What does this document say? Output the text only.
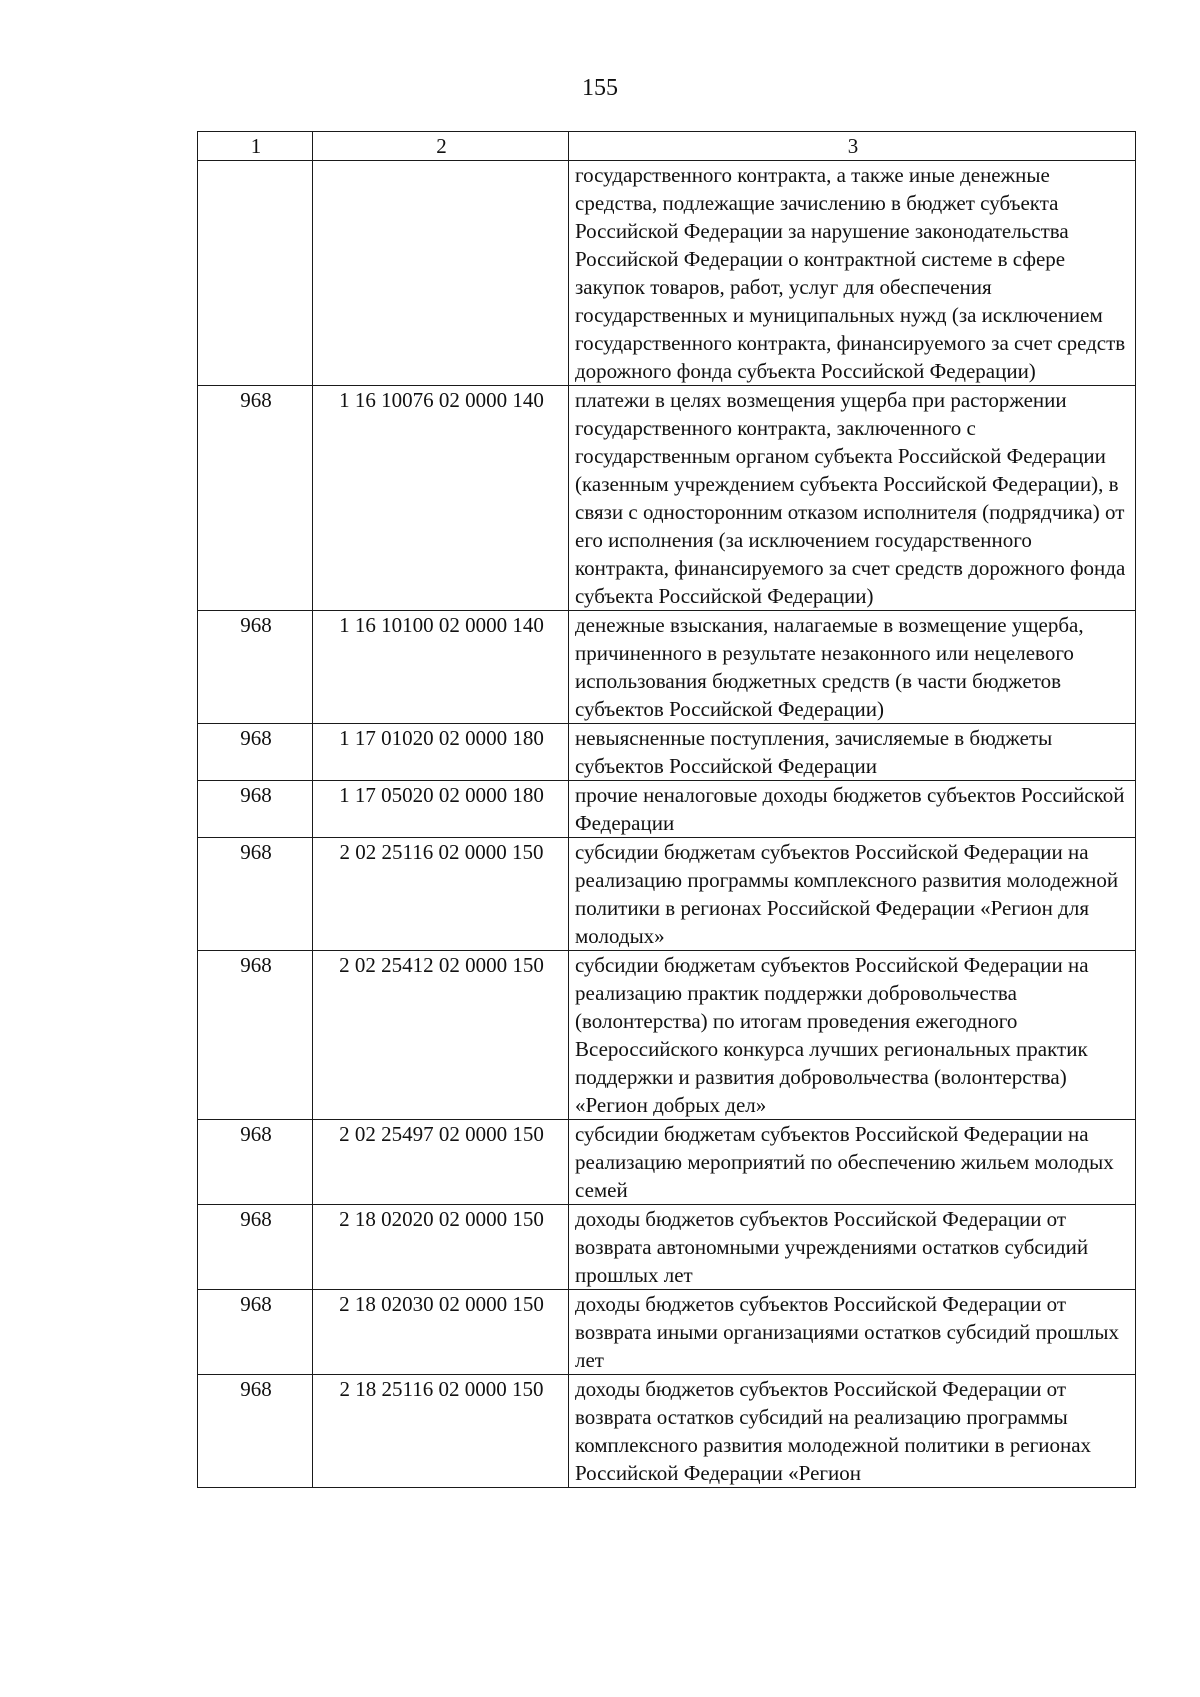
155
1	2	3
		государственного контракта, а также иные денежные средства, подлежащие зачислению в бюджет субъекта Российской Федерации за нарушение законодательства Российской Федерации о контрактной системе в сфере закупок товаров, работ, услуг для обеспечения государственных и муниципальных нужд (за исключением государственного контракта, финансируемого за счет средств дорожного фонда субъекта Российской Федерации)
968	1 16 10076 02 0000 140	платежи в целях возмещения ущерба при расторжении государственного контракта, заключенного с государственным органом субъекта Российской Федерации (казенным учреждением субъекта Российской Федерации), в связи с односторонним отказом исполнителя (подрядчика) от его исполнения (за исключением государственного контракта, финансируемого за счет средств дорожного фонда субъекта Российской Федерации)
968	1 16 10100 02 0000 140	денежные взыскания, налагаемые в возмещение ущерба, причиненного в результате незаконного или нецелевого использования бюджетных средств (в части бюджетов субъектов Российской Федерации)
968	1 17 01020 02 0000 180	невыясненные поступления, зачисляемые в бюджеты субъектов Российской Федерации
968	1 17 05020 02 0000 180	прочие неналоговые доходы бюджетов субъектов Российской Федерации
968	2 02 25116 02 0000 150	субсидии бюджетам субъектов Российской Федерации на реализацию программы комплексного развития молодежной политики в регионах Российской Федерации «Регион для молодых»
968	2 02 25412 02 0000 150	субсидии бюджетам субъектов Российской Федерации на реализацию практик поддержки добровольчества (волонтерства) по итогам проведения ежегодного Всероссийского конкурса лучших региональных практик поддержки и развития добровольчества (волонтерства) «Регион добрых дел»
968	2 02 25497 02 0000 150	субсидии бюджетам субъектов Российской Федерации на реализацию мероприятий по обеспечению жильем молодых семей
968	2 18 02020 02 0000 150	доходы бюджетов субъектов Российской Федерации от возврата автономными учреждениями остатков субсидий прошлых лет
968	2 18 02030 02 0000 150	доходы бюджетов субъектов Российской Федерации от возврата иными организациями остатков субсидий прошлых лет
968	2 18 25116 02 0000 150	доходы бюджетов субъектов Российской Федерации от возврата остатков субсидий на реализацию программы комплексного развития молодежной политики в регионах Российской Федерации «Регион
